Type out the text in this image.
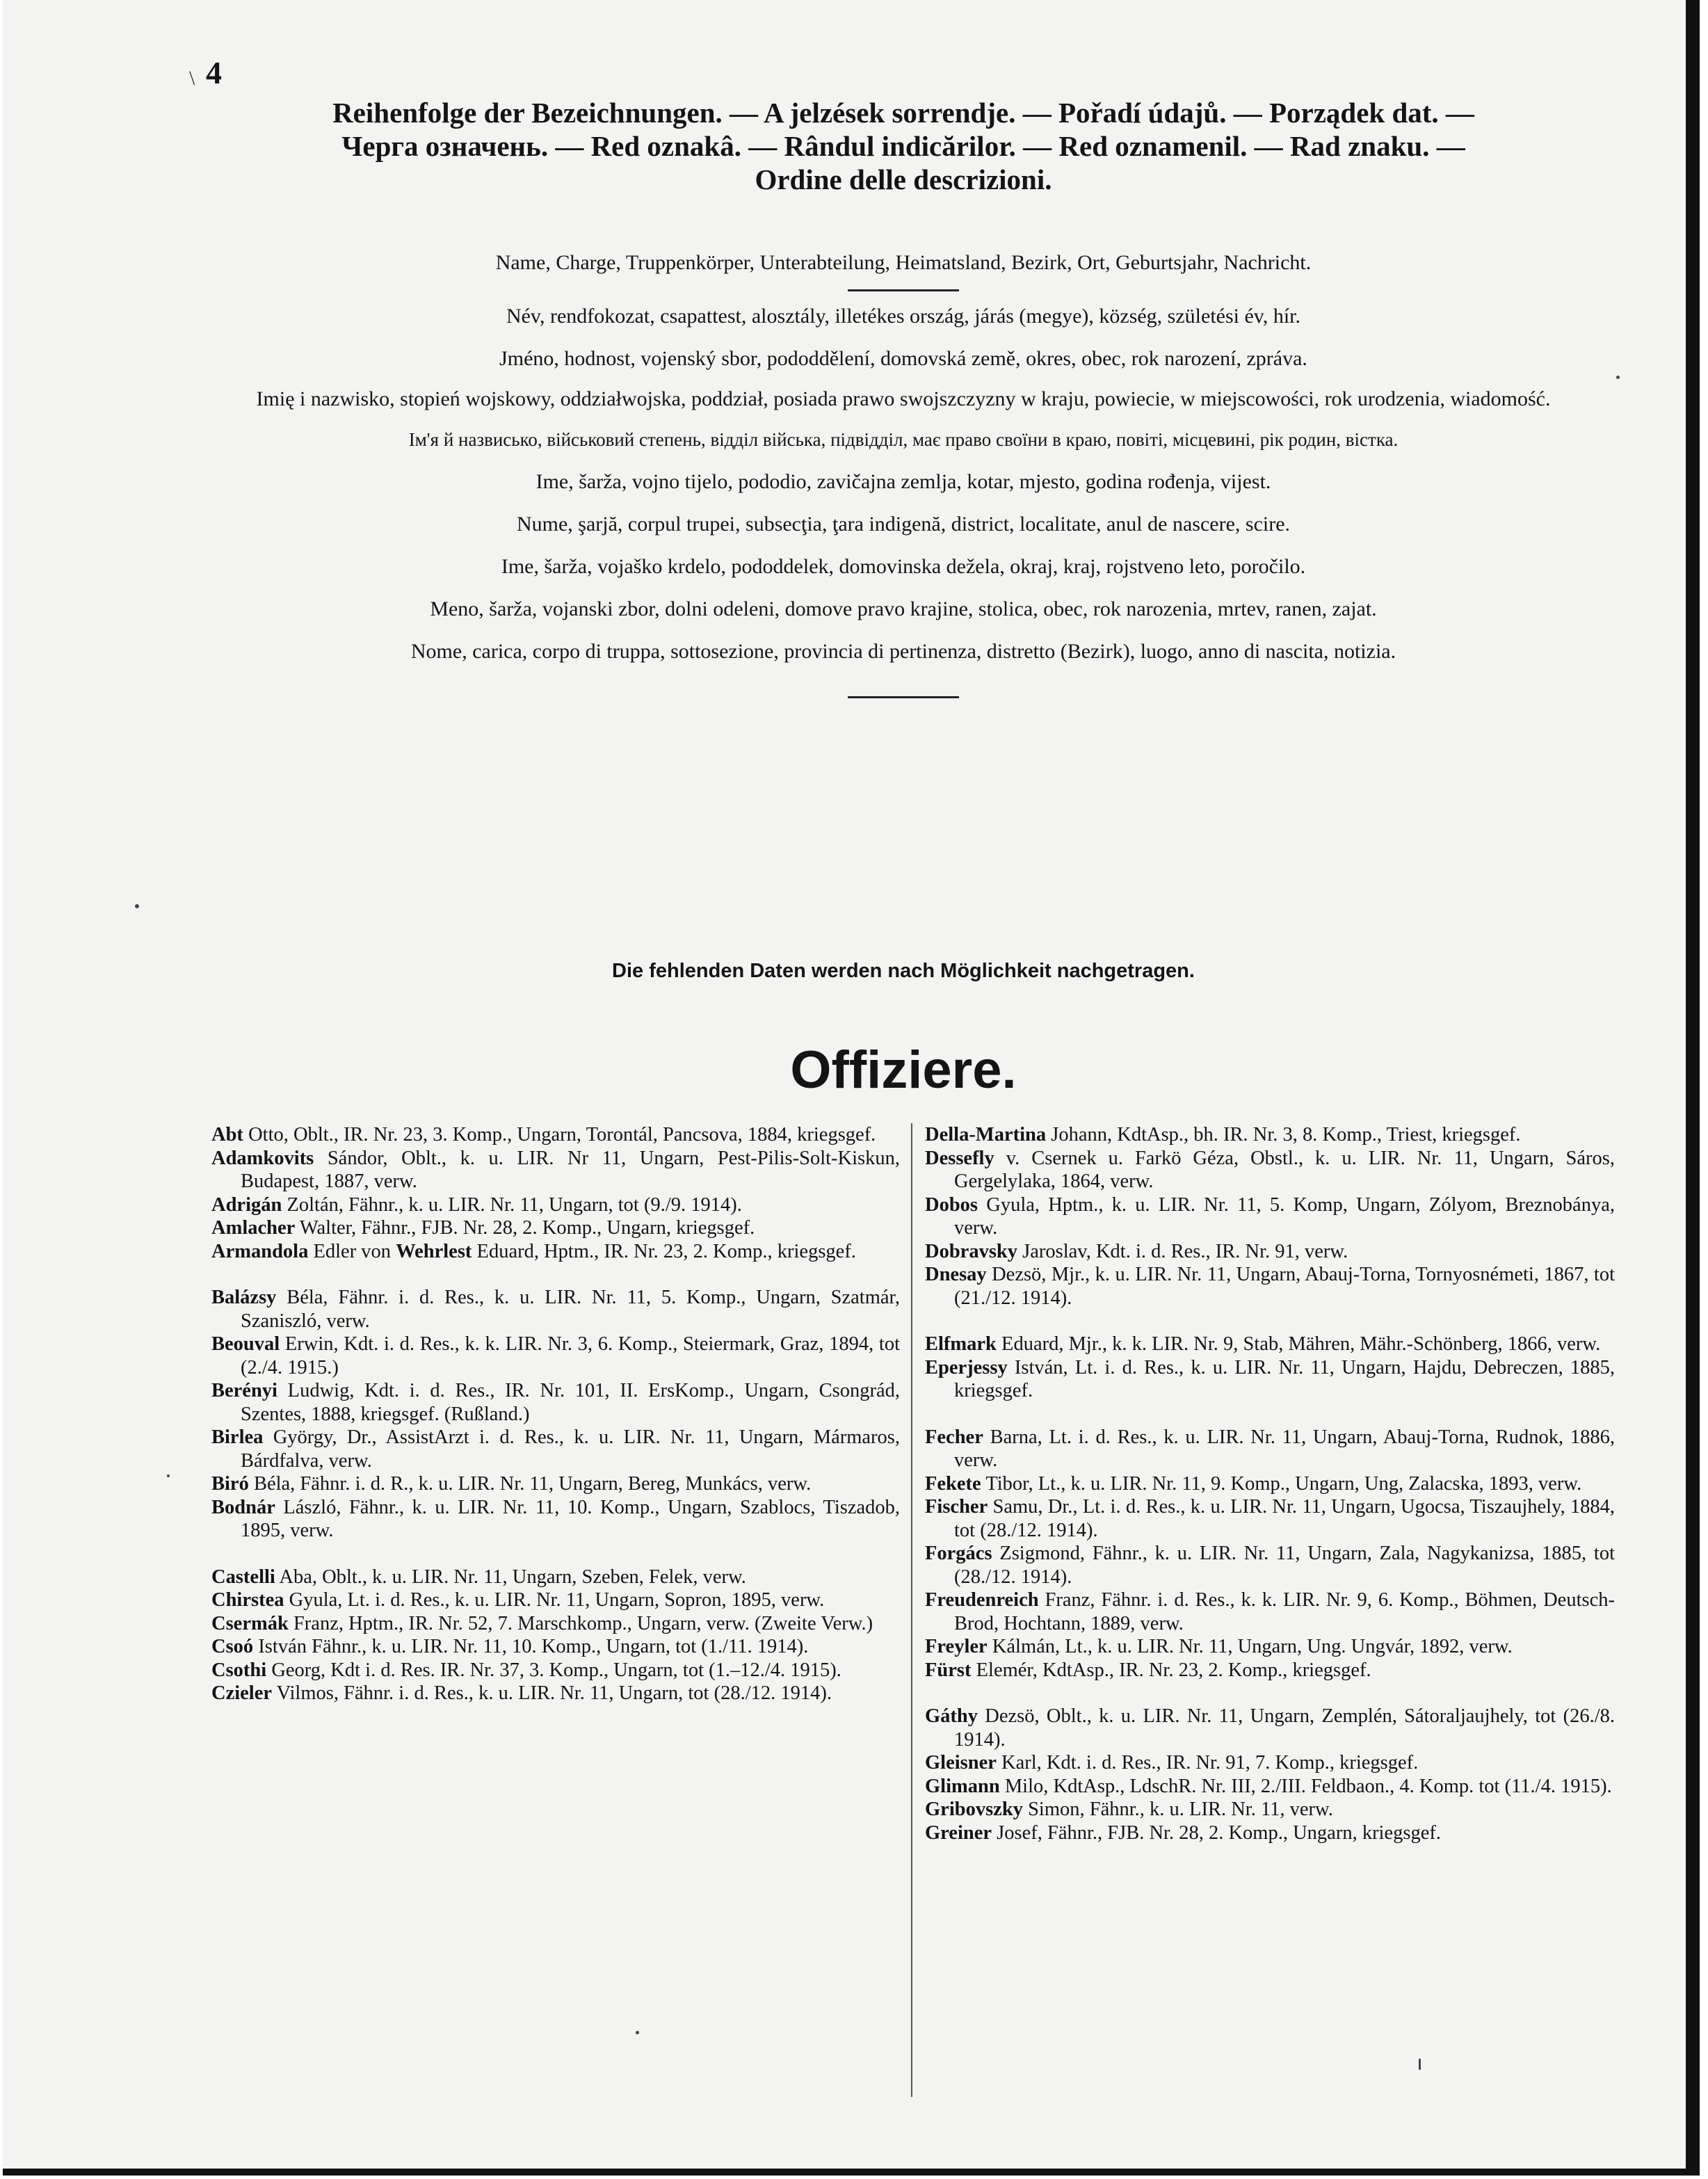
\ 4
Reihenfolge der Bezeichnungen. — A jelzések sorrendje. — Pořadí údajů. — Porządek dat. —
Черга означень. — Red oznakâ. — Rândul indicărilor. — Red oznamenil. — Rad znaku. —
Ordine delle descrizioni.
Name, Charge, Truppenkörper, Unterabteilung, Heimatsland, Bezirk, Ort, Geburtsjahr, Nachricht.
Név, rendfokozat, csapattest, alosztály, illetékes ország, járás (megye), község, születési év, hír.
Jméno, hodnost, vojenský sbor, pododdělení, domovská země, okres, obec, rok narození, zpráva.
Imię i nazwisko, stopień wojskowy, oddziałwojska, poddział, posiada prawo swojszczyzny w kraju, powiecie, w miejscowości, rok urodzenia, wiadomość.
Ім'я й назвисько, військовий степень, відділ війська, підвідділ, має право своїни в краю, повіті, місцевині, рік родин, вістка.
Ime, šarža, vojno tijelo, pododio, zavičajna zemlja, kotar, mjesto, godina rođenja, vijest.
Nume, şarjă, corpul trupei, subsecţia, ţara indigenă, district, localitate, anul de nascere, scire.
Ime, šarža, vojaško krdelo, pododdelek, domovinska dežela, okraj, kraj, rojstveno leto, poročilo.
Meno, šarža, vojanski zbor, dolni odeleni, domove pravo krajine, stolica, obec, rok narozenia, mrtev, ranen, zajat.
Nome, carica, corpo di truppa, sottosezione, provincia di pertinenza, distretto (Bezirk), luogo, anno di nascita, notizia.
Die fehlenden Daten werden nach Möglichkeit nachgetragen.
Offiziere.
Abt Otto, Oblt., IR. Nr. 23, 3. Komp., Ungarn, Torontál, Pancsova, 1884, kriegsgef.
Adamkovits Sándor, Oblt., k. u. LIR. Nr 11, Ungarn, Pest-Pilis-Solt-Kiskun, Budapest, 1887, verw.
Adrigán Zoltán, Fähnr., k. u. LIR. Nr. 11, Ungarn, tot (9./9. 1914).
Amlacher Walter, Fähnr., FJB. Nr. 28, 2. Komp., Ungarn, kriegsgef.
Armandola Edler von Wehrlest Eduard, Hptm., IR. Nr. 23, 2. Komp., kriegsgef.
Balázsy Béla, Fähnr. i. d. Res., k. u. LIR. Nr. 11, 5. Komp., Ungarn, Szatmár, Szaniszló, verw.
Beouval Erwin, Kdt. i. d. Res., k. k. LIR. Nr. 3, 6. Komp., Steiermark, Graz, 1894, tot (2./4. 1915.)
Berényi Ludwig, Kdt. i. d. Res., IR. Nr. 101, II. ErsKomp., Ungarn, Csongrád, Szentes, 1888, kriegsgef. (Rußland.)
Birlea György, Dr., AssistArzt i. d. Res., k. u. LIR. Nr. 11, Ungarn, Mármaros, Bárdfalva, verw.
Biró Béla, Fähnr. i. d. R., k. u. LIR. Nr. 11, Ungarn, Bereg, Munkács, verw.
Bodnár László, Fähnr., k. u. LIR. Nr. 11, 10. Komp., Ungarn, Szablocs, Tiszadob, 1895, verw.
Castelli Aba, Oblt., k. u. LIR. Nr. 11, Ungarn, Szeben, Felek, verw.
Chirstea Gyula, Lt. i. d. Res., k. u. LIR. Nr. 11, Ungarn, Sopron, 1895, verw.
Csermák Franz, Hptm., IR. Nr. 52, 7. Marschkomp., Ungarn, verw. (Zweite Verw.)
Csoó István Fähnr., k. u. LIR. Nr. 11, 10. Komp., Ungarn, tot (1./11. 1914).
Csothi Georg, Kdt i. d. Res. IR. Nr. 37, 3. Komp., Ungarn, tot (1.–12./4. 1915).
Czieler Vilmos, Fähnr. i. d. Res., k. u. LIR. Nr. 11, Ungarn, tot (28./12. 1914).
Della-Martina Johann, KdtAsp., bh. IR. Nr. 3, 8. Komp., Triest, kriegsgef.
Dessefly v. Csernek u. Farkö Géza, Obstl., k. u. LIR. Nr. 11, Ungarn, Sáros, Gergelylaka, 1864, verw.
Dobos Gyula, Hptm., k. u. LIR. Nr. 11, 5. Komp, Ungarn, Zólyom, Breznobánya, verw.
Dobravsky Jaroslav, Kdt. i. d. Res., IR. Nr. 91, verw.
Dnesay Dezsö, Mjr., k. u. LIR. Nr. 11, Ungarn, Abauj-Torna, Tornyosnémeti, 1867, tot (21./12. 1914).
Elfmark Eduard, Mjr., k. k. LIR. Nr. 9, Stab, Mähren, Mähr.-Schönberg, 1866, verw.
Eperjessy István, Lt. i. d. Res., k. u. LIR. Nr. 11, Ungarn, Hajdu, Debreczen, 1885, kriegsgef.
Fecher Barna, Lt. i. d. Res., k. u. LIR. Nr. 11, Ungarn, Abauj-Torna, Rudnok, 1886, verw.
Fekete Tibor, Lt., k. u. LIR. Nr. 11, 9. Komp., Ungarn, Ung, Zalacska, 1893, verw.
Fischer Samu, Dr., Lt. i. d. Res., k. u. LIR. Nr. 11, Ungarn, Ugocsa, Tiszaujhely, 1884, tot (28./12. 1914).
Forgács Zsigmond, Fähnr., k. u. LIR. Nr. 11, Ungarn, Zala, Nagykanizsa, 1885, tot (28./12. 1914).
Freudenreich Franz, Fähnr. i. d. Res., k. k. LIR. Nr. 9, 6. Komp., Böhmen, Deutsch-Brod, Hochtann, 1889, verw.
Freyler Kálmán, Lt., k. u. LIR. Nr. 11, Ungarn, Ung. Ungvár, 1892, verw.
Fürst Elemér, KdtAsp., IR. Nr. 23, 2. Komp., kriegsgef.
Gáthy Dezsö, Oblt., k. u. LIR. Nr. 11, Ungarn, Zemplén, Sátoraljaujhely, tot (26./8. 1914).
Gleisner Karl, Kdt. i. d. Res., IR. Nr. 91, 7. Komp., kriegsgef.
Glimann Milo, KdtAsp., LdschR. Nr. III, 2./III. Feldbaon., 4. Komp. tot (11./4. 1915).
Gribovszky Simon, Fähnr., k. u. LIR. Nr. 11, verw.
Greiner Josef, Fähnr., FJB. Nr. 28, 2. Komp., Ungarn, kriegsgef.
